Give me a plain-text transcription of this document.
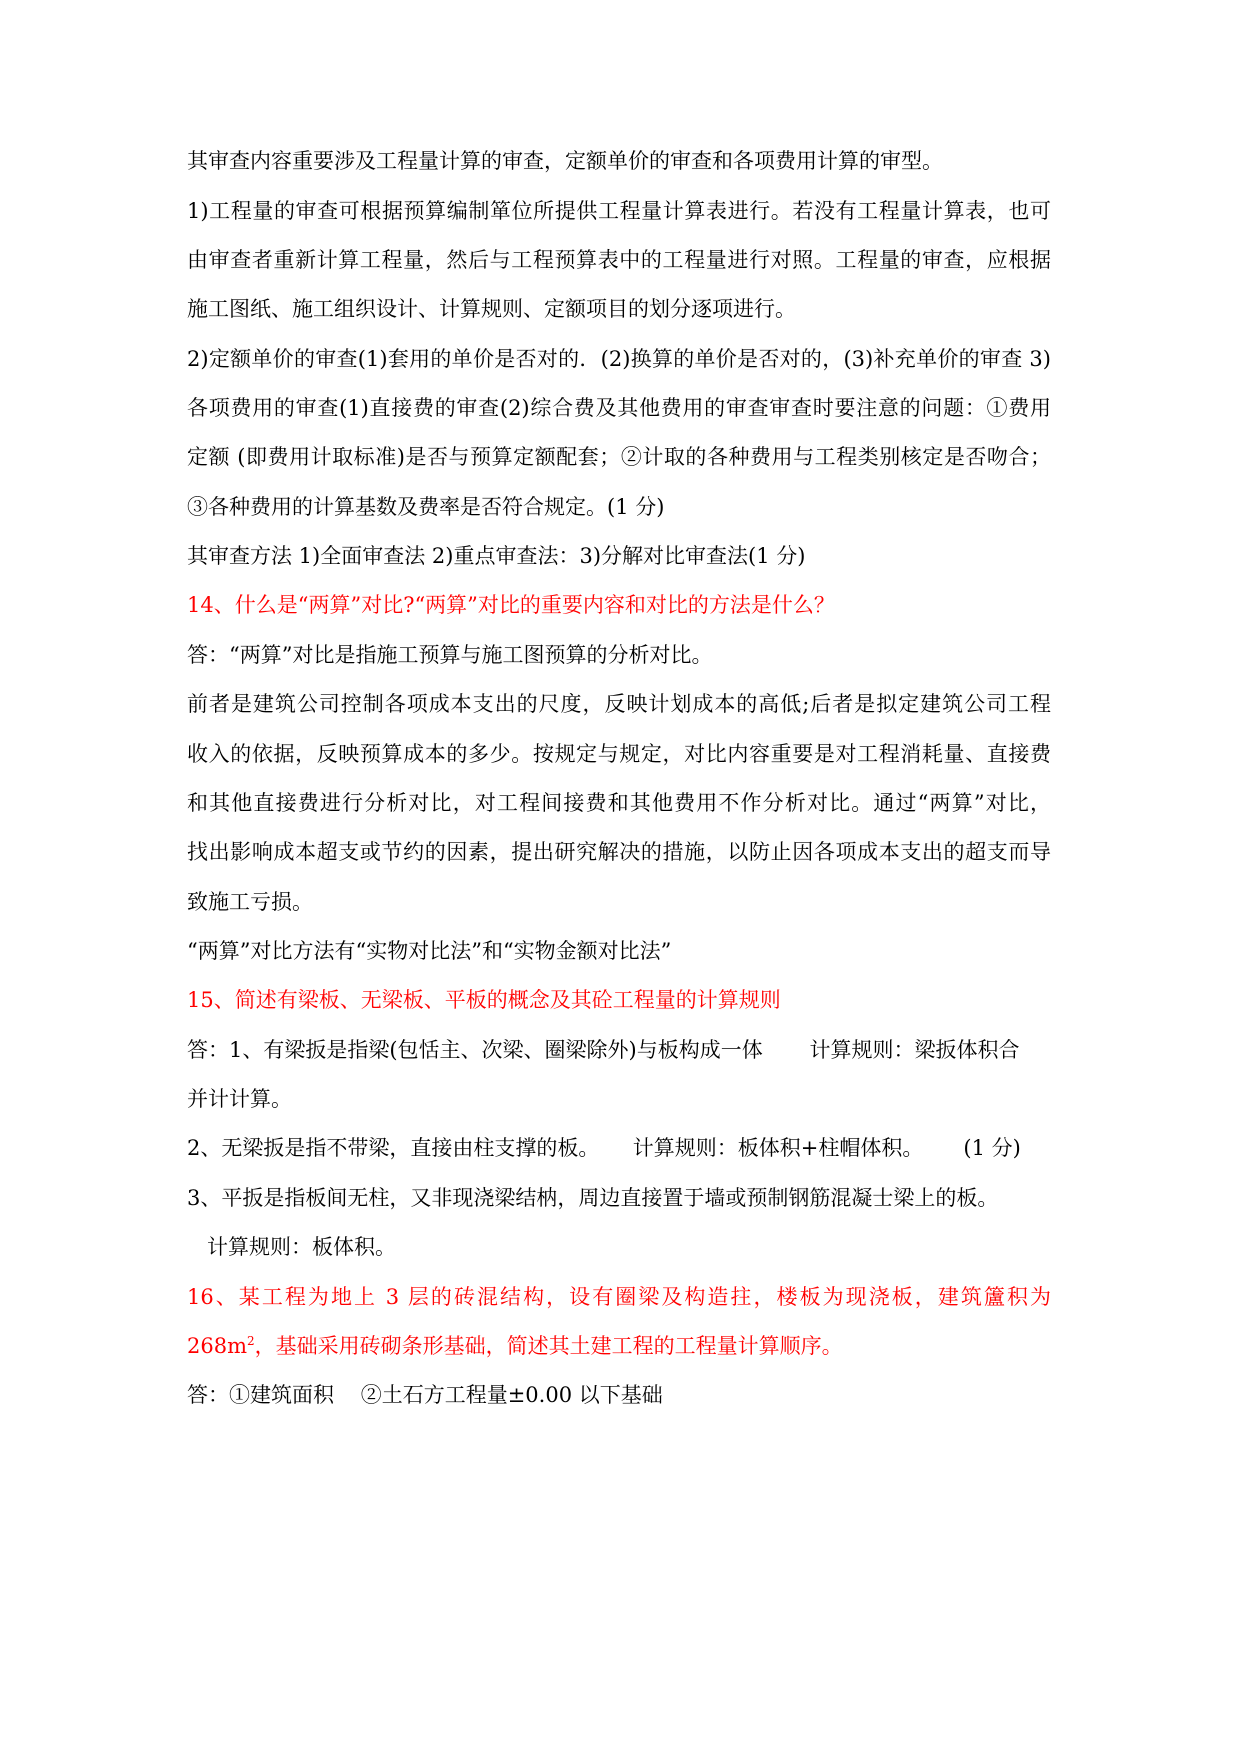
其审查内容重要涉及工程量计算的审查，定额单价的审查和各项费用计算的审型。

1)工程量的审查可根据预算编制箪位所提供工程量计算表进行。若没有工程量计算表，也可

由审查者重新计算工程量，然后与工程预算表中的工程量进行对照。工程量的审查，应根据

施工图纸、施工组织设计、计算规则、定额项目的划分逐项进行。

2)定额单价的审查(1)套用的单价是否对的．(2)换算的单价是否对的，(3)补充单价的审查 3)

各项费用的审查(1)直接费的审查(2)综合费及其他费用的审查审查时要注意的问题：①费用

定额 (即费用计取标准)是否与预算定额配套；②计取的各种费用与工程类别核定是否吻合；

③各种费用的计算基数及费率是否符合规定。(1 分)

其审查方法 1)全面审查法 2)重点审查法：3)分解对比审查法(1 分)

14、什么是“两算”对比?“两算”对比的重要内容和对比的方法是什么？

答：“两算”对比是指施工预算与施工图预算的分析对比。

前者是建筑公司控制各项成本支出的尺度，反映计划成本的高低;后者是拟定建筑公司工程

收入的依据，反映预算成本的多少。按规定与规定，对比内容重要是对工程消耗量、直接费

和其他直接费进行分析对比，对工程间接费和其他费用不作分析对比。通过“两算”对比，

找出影响成本超支或节约的因素，提出研究解决的措施，以防止因各项成本支出的超支而导

致施工亏损。

“两算”对比方法有“实物对比法”和“实物金额对比法”

15、简述有梁板、无梁板、平板的概念及其砼工程量的计算规则

答：1、有梁扳是指梁(包恬主、次梁、圈梁除外)与板构成一体       计算规则：梁扳体积合

并计计算。

2、无梁扳是指不带梁，直接由柱支撑的板。     计算规则：板体积+柱帽体积。      (1 分)

3、平扳是指板间无柱，又非现浇梁结枘，周边直接置于墙或预制钢筋混凝士梁上的板。

计算规则：板体积。

16、某工程为地上 3 层的砖混结构，设有圈梁及构造拄，楼板为现浇板，建筑籚积为

$268m^2$，基础采用砖砌条形基础，简述其土建工程的工程量计算顺序。

答：①建筑面积    ②土石方工程量±0.00 以下基础
